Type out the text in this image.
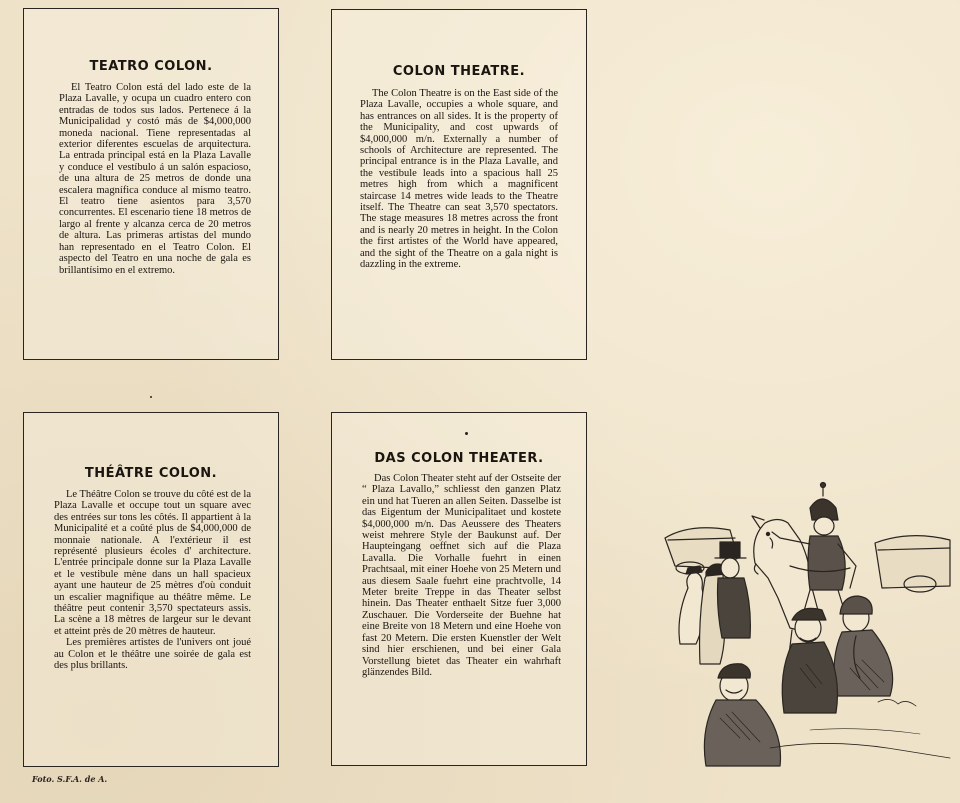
TEATRO COLON.

El Teatro Colon está del lado este de la Plaza Lavalle, y ocupa un cuadro entero con entradas de todos sus lados. Pertenece á la Municipalidad y costó más de $4,000,000 moneda nacional. Tiene representadas al exterior diferentes escuelas de arquitectura. La entrada principal está en la Plaza Lavalle y conduce el vestíbulo á un salón espacioso, de una altura de 25 metros de donde una escalera magnífica conduce al mismo teatro. El teatro tiene asientos para 3,570 concurrentes. El escenario tiene 18 metros de largo al frente y alcanza cerca de 20 metros de altura. Las primeras artistas del mundo han representado en el Teatro Colon. El aspecto del Teatro en una noche de gala es brillantísimo en el extremo.

COLON THEATRE.

The Colon Theatre is on the East side of the Plaza Lavalle, occupies a whole square, and has entrances on all sides. It is the property of the Municipality, and cost upwards of $4,000,000 m/n. Externally a number of schools of Architecture are represented. The principal entrance is in the Plaza Lavalle, and the vestibule leads into a spacious hall 25 metres high from which a magnificent staircase 14 metres wide leads to the Theatre itself. The Theatre can seat 3,570 spectators. The stage measures 18 metres across the front and is nearly 20 metres in height. In the Colon the first artistes of the World have appeared, and the sight of the Theatre on a gala night is dazzling in the extreme.

THÉÂTRE COLON.

Le Théâtre Colon se trouve du côté est de la Plaza Lavalle et occupe tout un square avec des entrées sur tons les côtés. Il appartient à la Municipalité et a coûté plus de $4,000,000 de monnaie nationale. A l'extérieur il est représenté plusieurs écoles d' architecture. L'entrée principale donne sur la Plaza Lavalle et le vestibule mène dans un hall spacieux ayant une hauteur de 25 mètres d'où conduit un escalier magnifique au théâtre même. Le théâtre peut contenir 3,570 spectateurs assis. La scène a 18 mètres de largeur sur le devant et atteint près de 20 mètres de hauteur.

Les premières artistes de l'univers ont joué au Colon et le théâtre une soirée de gala est des plus brillants.

DAS COLON THEATER.

Das Colon Theater steht auf der Ostseite der “ Plaza Lavallo,” schliesst den ganzen Platz ein und hat Tueren an allen Seiten. Dasselbe ist das Eigentum der Municipalitaet und kostete $4,000,000 m/n. Das Aeussere des Theaters weist mehrere Style der Baukunst auf. Der Haupteingang oeffnet sich auf die Plaza Lavalla. Die Vorhalle fuehrt in einen Prachtsaal, mit einer Hoehe von 25 Metern und aus diesem Saale fuehrt eine prachtvolle, 14 Meter breite Treppe in das Theater selbst hinein. Das Theater enthaelt Sitze fuer 3,000 Zuschauer. Die Vorderseite der Buehne hat eine Breite von 18 Metern und eine Hoehe von fast 20 Metern. Die ersten Kuenstler der Welt sind hier erschienen, und bei einer Gala Vorstellung bietet das Theater ein wahrhaft glänzendes Bild.

Foto. S.F.A. de A.
